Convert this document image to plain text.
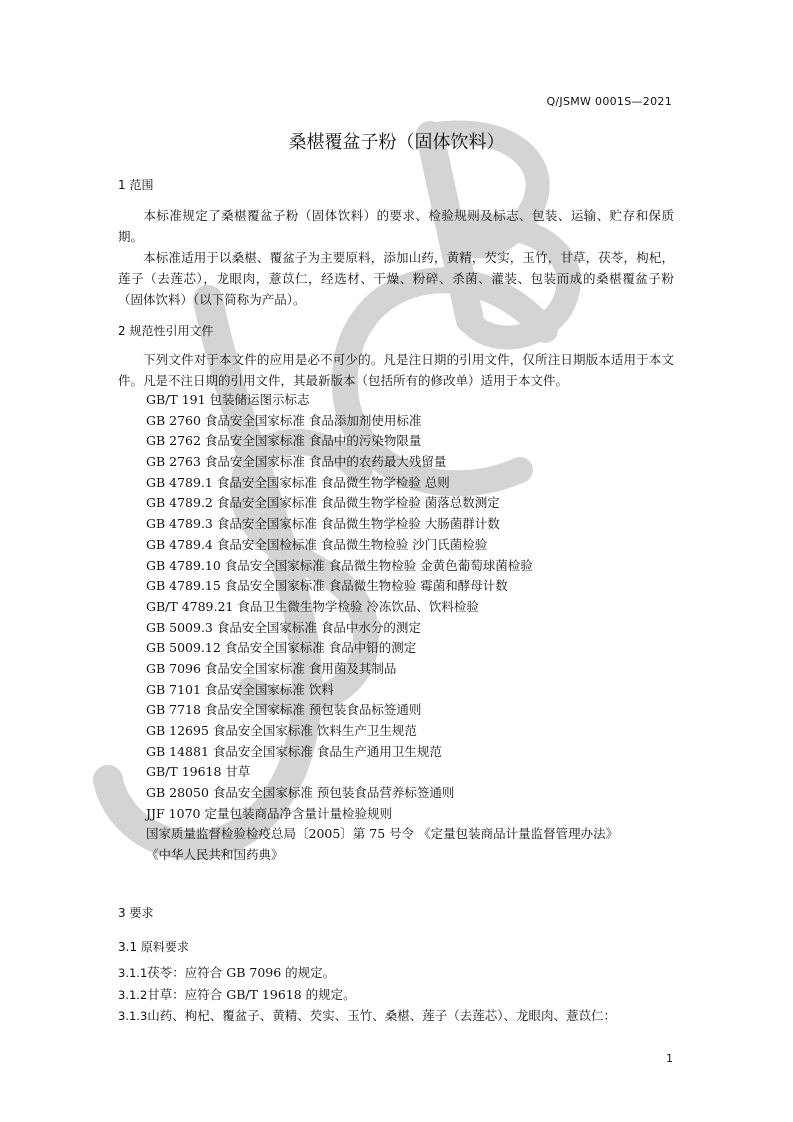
Q/JSMW 0001S—2021
桑椹覆盆子粉（固体饮料）
1 范围
本标准规定了桑椹覆盆子粉（固体饮料）的要求、检验规则及标志、包装、运输、贮存和保质期。
本标准适用于以桑椹、覆盆子为主要原料，添加山药，黄精，芡实，玉竹，甘草，茯苓，枸杞，莲子（去莲芯），龙眼肉，薏苡仁，经选材、干燥、粉碎、杀菌、灌装、包装而成的桑椹覆盆子粉（固体饮料）（以下简称为产品）。
2 规范性引用文件
下列文件对于本文件的应用是必不可少的。凡是注日期的引用文件，仅所注日期版本适用于本文件。凡是不注日期的引用文件，其最新版本（包括所有的修改单）适用于本文件。
GB/T 191 包装储运图示标志
GB 2760 食品安全国家标准 食品添加剂使用标准
GB 2762 食品安全国家标准 食品中的污染物限量
GB 2763 食品安全国家标准 食品中的农药最大残留量
GB 4789.1 食品安全国家标准 食品微生物学检验 总则
GB 4789.2 食品安全国家标准 食品微生物学检验 菌落总数测定
GB 4789.3 食品安全国家标准 食品微生物学检验 大肠菌群计数
GB 4789.4 食品安全国检标准 食品微生物检验 沙门氏菌检验
GB 4789.10 食品安全国家标准 食品微生物检验 金黄色葡萄球菌检验
GB 4789.15 食品安全国家标准 食品微生物检验 霉菌和酵母计数
GB/T 4789.21 食品卫生微生物学检验 冷冻饮品、饮料检验
GB 5009.3 食品安全国家标准 食品中水分的测定
GB 5009.12 食品安全国家标准 食品中铅的测定
GB 7096 食品安全国家标准 食用菌及其制品
GB 7101 食品安全国家标准 饮料
GB 7718 食品安全国家标准 预包装食品标签通则
GB 12695 食品安全国家标准 饮料生产卫生规范
GB 14881 食品安全国家标准 食品生产通用卫生规范
GB/T 19618 甘草
GB 28050 食品安全国家标准 预包装食品营养标签通则
JJF 1070 定量包装商品净含量计量检验规则
国家质量监督检验检疫总局〔2005〕第 75 号令 《定量包装商品计量监督管理办法》
《中华人民共和国药典》
3 要求
3.1 原料要求
3.1.1茯苓：应符合 GB 7096 的规定。
3.1.2甘草：应符合 GB/T 19618 的规定。
3.1.3山药、枸杞、覆盆子、黄精、芡实、玉竹、桑椹、莲子（去莲芯）、龙眼肉、薏苡仁：
1
